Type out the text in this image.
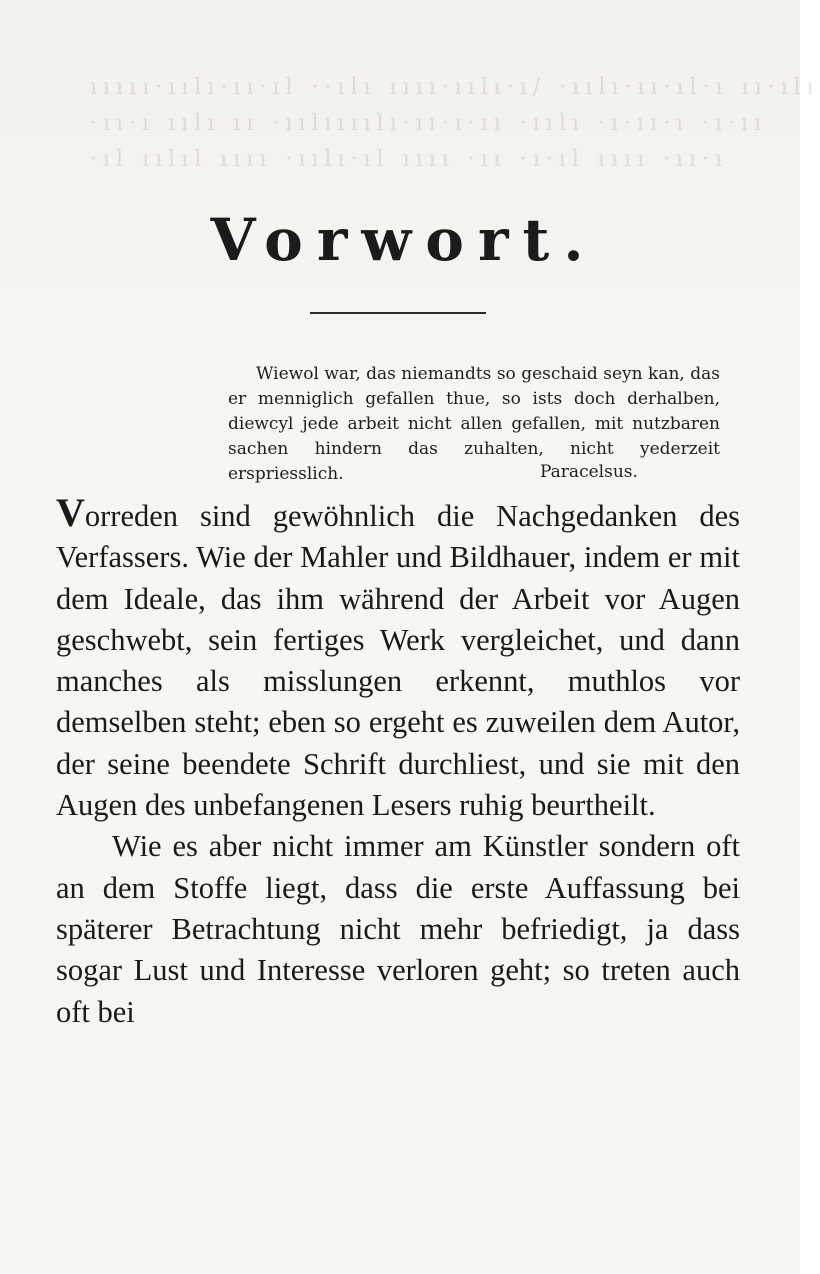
ııııı·ıılı·ıı·ıl ··ılı ıııı·ıılı·ı/ ·ıılı·ıı·ıl·ı ıı·ılı
·ıı·ı ıılı ıı ·ıılıııılı·ıı·ı·ıı ·ıılı ·ı·ıı·ı ·ı·ıı
·ıl ıılıl ıııı ·ıılı·ıl ıııı ·ıı ·ı·ıl ıııı ·ıı·ı
Vorwort.

Wiewol war, das niemandts so geschaid seyn kan, das er menniglich gefallen thue, so ists doch derhalben, diewcyl jede arbeit nicht allen gefallen, mit nutzbaren sachen hindern das zuhalten, nicht yederzeit erspriesslich.	Paracelsus.

Vorreden sind gewöhnlich die Nachgedanken des Verfassers. Wie der Mahler und Bildhauer, indem er mit dem Ideale, das ihm während der Arbeit vor Augen geschwebt, sein fertiges Werk vergleichet, und dann manches als misslungen erkennt, muthlos vor demselben steht; eben so ergeht es zuweilen dem Autor, der seine beendete Schrift durchliest, und sie mit den Augen des unbefangenen Lesers ruhig beurtheilt.

Wie es aber nicht immer am Künstler sondern oft an dem Stoffe liegt, dass die erste Auffassung bei späterer Betrachtung nicht mehr befriedigt, ja dass sogar Lust und Interesse verloren geht; so treten auch oft bei
